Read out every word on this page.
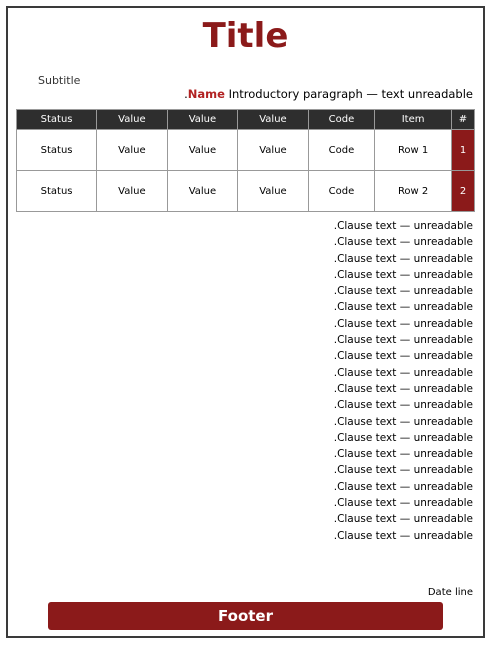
Title
Subtitle
Name Introductory paragraph — text unreadable.
#	Item	Code	Value	Value	Value	Status
1	Row 1	Code	Value	Value	Value	Status
2	Row 2	Code	Value	Value	Value	Status
Clause text — unreadable.
Clause text — unreadable.
Clause text — unreadable.
Clause text — unreadable.
Clause text — unreadable.
Clause text — unreadable.
Clause text — unreadable.
Clause text — unreadable.
Clause text — unreadable.
Clause text — unreadable.
Clause text — unreadable.
Clause text — unreadable.
Clause text — unreadable.
Clause text — unreadable.
Clause text — unreadable.
Clause text — unreadable.
Clause text — unreadable.
Clause text — unreadable.
Clause text — unreadable.
Clause text — unreadable.
Date line
Footer
